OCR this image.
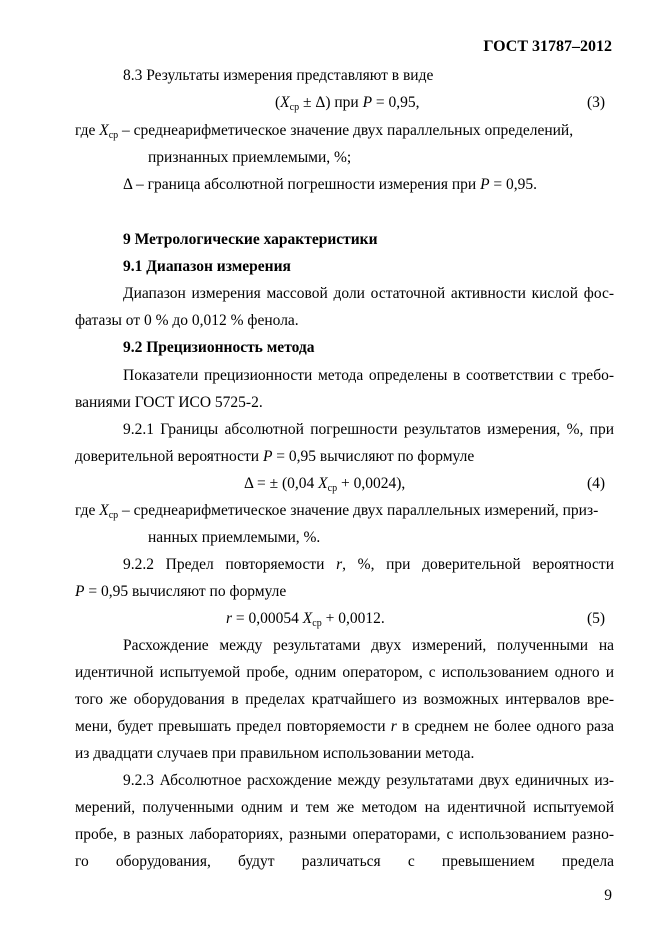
ГОСТ 31787–2012
8.3 Результаты измерения представляют в виде
$(X_{ср} \pm \Delta)$ при P = 0,95,	(3)
где $X_{ср}$ – среднеарифметическое значение двух параллельных определений,
признанных приемлемыми, %;
Δ – граница абсолютной погрешности измерения при P = 0,95.
9 Метрологические характеристики
9.1 Диапазон измерения
Диапазон измерения массовой доли остаточной активности кислой фос-
фатазы от 0 % до 0,012 % фенола.
9.2 Прецизионность метода
Показатели прецизионности метода определены в соответствии с требо-
ваниями ГОСТ ИСО 5725-2.
9.2.1 Границы абсолютной погрешности результатов измерения, %, при
доверительной вероятности P = 0,95 вычисляют по формуле
Δ = ± (0,04 $X_{ср} + 0,0024$),	(4)
где $X_{ср}$ – среднеарифметическое значение двух параллельных измерений, приз-
нанных приемлемыми, %.
9.2.2 Предел повторяемости r, %, при доверительной вероятности
P = 0,95 вычисляют по формуле
r = 0,00054 $X_{ср} + 0,0012$.	(5)
Расхождение между результатами двух измерений, полученными на
идентичной испытуемой пробе, одним оператором, с использованием одного и
того же оборудования в пределах кратчайшего из возможных интервалов вре-
мени, будет превышать предел повторяемости r в среднем не более одного раза
из двадцати случаев при правильном использовании метода.
9.2.3 Абсолютное расхождение между результатами двух единичных из-
мерений, полученными одним и тем же методом на идентичной испытуемой
пробе, в разных лабораториях, разными операторами, с использованием разно-
го оборудования, будут различаться с превышением предела
9
